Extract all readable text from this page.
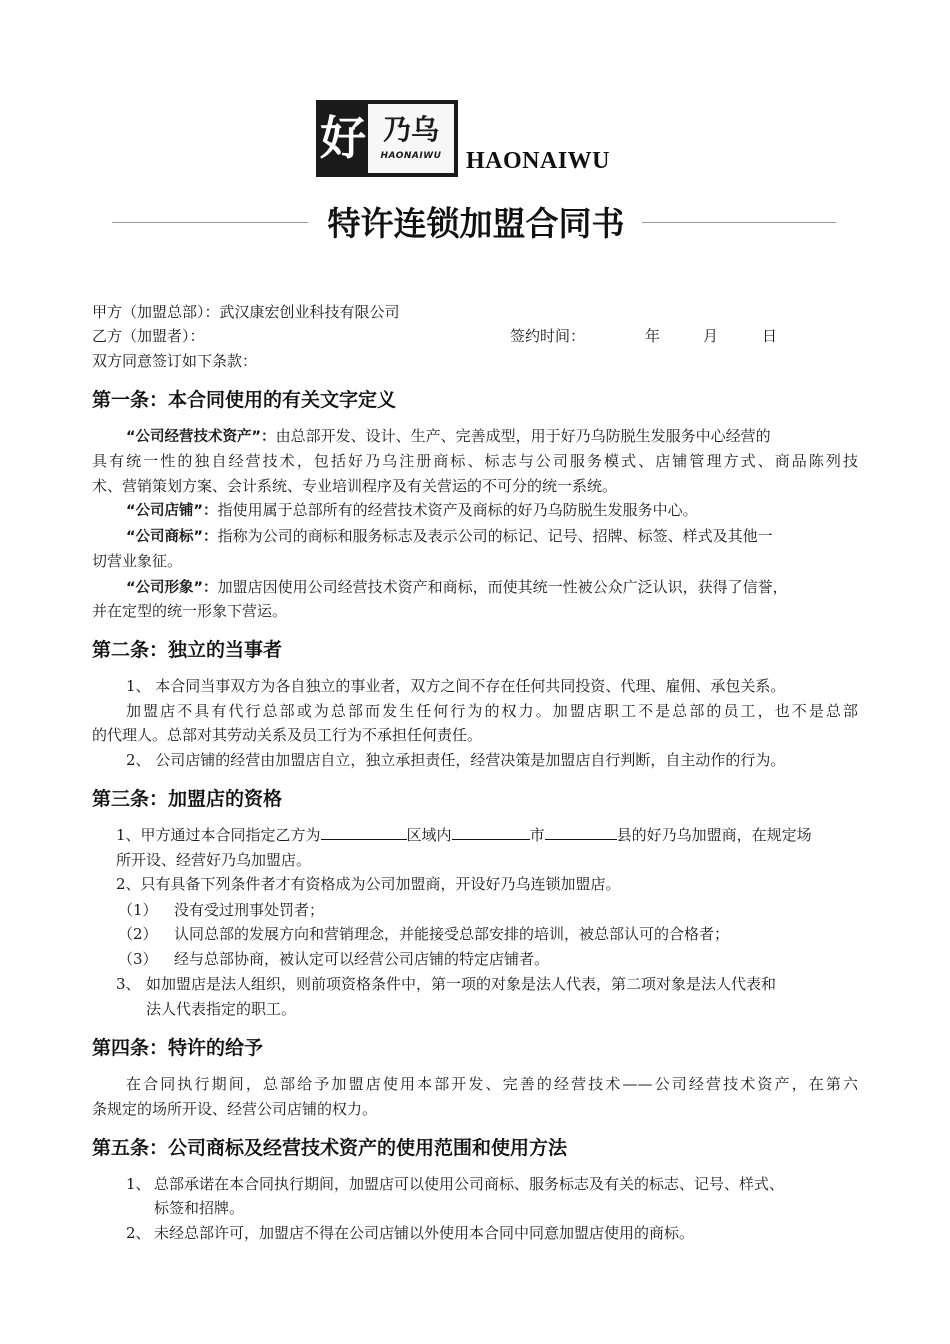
好 乃乌
HAONAIWU	HAONAIWU
特许连锁加盟合同书
甲方（加盟总部）：武汉康宏创业科技有限公司
乙方（加盟者）：	签约时间：	年	月	日
双方同意签订如下条款：
第一条：本合同使用的有关文字定义
“公司经营技术资产”：由总部开发、设计、生产、完善成型，用于好乃乌防脱生发服务中心经营的
具有统一性的独自经营技术，包括好乃乌注册商标、标志与公司服务模式、店铺管理方式、商品陈列技
术、营销策划方案、会计系统、专业培训程序及有关营运的不可分的统一系统。
“公司店铺”：指使用属于总部所有的经营技术资产及商标的好乃乌防脱生发服务中心。
“公司商标”：指称为公司的商标和服务标志及表示公司的标记、记号、招牌、标签、样式及其他一
切营业象征。
“公司形象”：加盟店因使用公司经营技术资产和商标，而使其统一性被公众广泛认识，获得了信誉，
并在定型的统一形象下营运。
第二条：独立的当事者
1、 本合同当事双方为各自独立的事业者，双方之间不存在任何共同投资、代理、雇佣、承包关系。
加盟店不具有代行总部或为总部而发生任何行为的权力。加盟店职工不是总部的员工，也不是总部
的代理人。总部对其劳动关系及员工行为不承担任何责任。
2、 公司店铺的经营由加盟店自立，独立承担责任，经营决策是加盟店自行判断，自主动作的行为。
第三条：加盟店的资格
1、甲方通过本合同指定乙方为	区域内	市	县的好乃乌加盟商，在规定场
所开设、经营好乃乌加盟店。
2、只有具备下列条件者才有资格成为公司加盟商，开设好乃乌连锁加盟店。
（1） 没有受过刑事处罚者；
（2） 认同总部的发展方向和营销理念，并能接受总部安排的培训，被总部认可的合格者；
（3） 经与总部协商，被认定可以经营公司店铺的特定店铺者。
3、 如加盟店是法人组织，则前项资格条件中，第一项的对象是法人代表，第二项对象是法人代表和
法人代表指定的职工。
第四条：特许的给予
在合同执行期间，总部给予加盟店使用本部开发、完善的经营技术——公司经营技术资产，在第六
条规定的场所开设、经营公司店铺的权力。
第五条：公司商标及经营技术资产的使用范围和使用方法
1、 总部承诺在本合同执行期间，加盟店可以使用公司商标、服务标志及有关的标志、记号、样式、
标签和招牌。
2、 未经总部许可，加盟店不得在公司店铺以外使用本合同中同意加盟店使用的商标。
